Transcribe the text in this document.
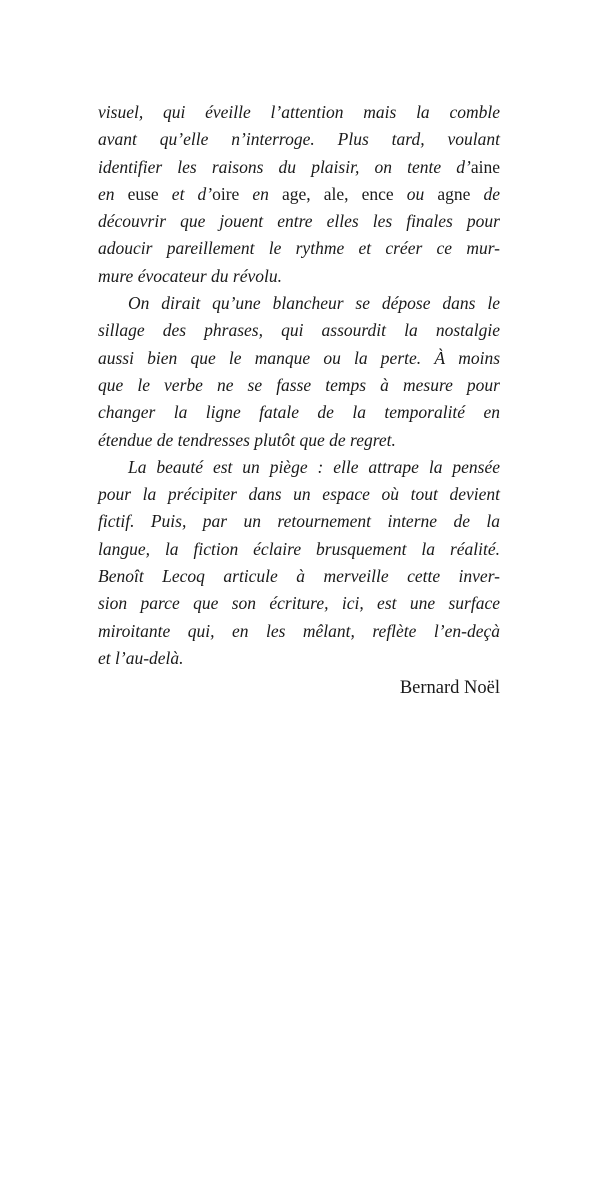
visuel, qui éveille l’attention mais la comble
avant qu’elle n’interroge. Plus tard, voulant
identifier les raisons du plaisir, on tente d’aine
en euse et d’oire en age, ale, ence ou agne de
découvrir que jouent entre elles les finales pour
adoucir pareillement le rythme et créer ce mur-
mure évocateur du révolu.
On dirait qu’une blancheur se dépose dans le
sillage des phrases, qui assourdit la nostalgie
aussi bien que le manque ou la perte. À moins
que le verbe ne se fasse temps à mesure pour
changer la ligne fatale de la temporalité en
étendue de tendresses plutôt que de regret.
La beauté est un piège : elle attrape la pensée
pour la précipiter dans un espace où tout devient
fictif. Puis, par un retournement interne de la
langue, la fiction éclaire brusquement la réalité.
Benoît Lecoq articule à merveille cette inver-
sion parce que son écriture, ici, est une surface
miroitante qui, en les mêlant, reflète l’en-deçà
et l’au-delà.
Bernard Noël
